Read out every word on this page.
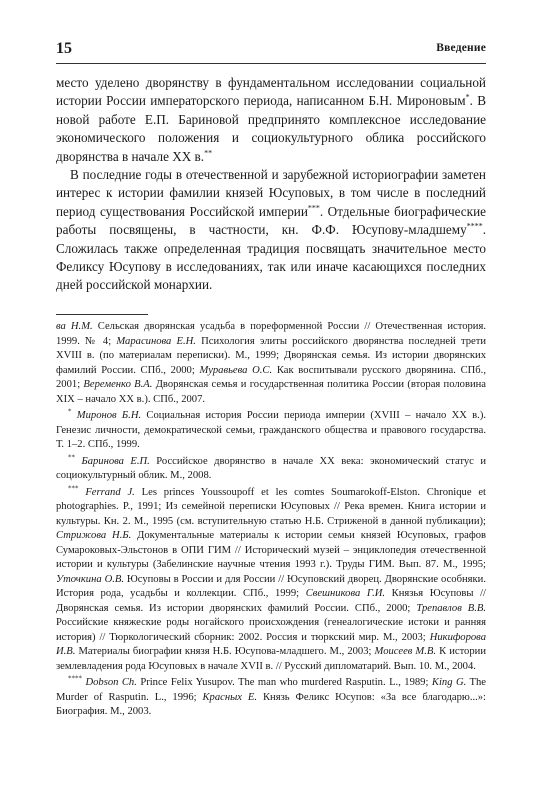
15	Введение

место уделено дворянству в фундаментальном исследовании социальной истории России императорского периода, написанном Б.Н. Мироновым*. В новой работе Е.П. Бариновой предпринято комплексное исследование экономического положения и социокультурного облика российского дворянства в начале XX в.**

В последние годы в отечественной и зарубежной историографии заметен интерес к истории фамилии князей Юсуповых, в том числе в последний период существования Российской империи***. Отдельные биографические работы посвящены, в частности, кн. Ф.Ф. Юсупову-младшему****. Сложилась также определенная традиция посвящать значительное место Феликсу Юсупову в исследованиях, так или иначе касающихся последних дней российской монархии.

ва Н.М. Сельская дворянская усадьба в пореформенной России // Отечественная история. 1999. № 4; Марасинова Е.Н. Психология элиты российского дворянства последней трети XVIII в. (по материалам переписки). М., 1999; Дворянская семья. Из истории дворянских фамилий России. СПб., 2000; Муравьева О.С. Как воспитывали русского дворянина. СПб., 2001; Веременко В.А. Дворянская семья и государственная политика России (вторая половина XIX – начало XX в.). СПб., 2007.

* Миронов Б.Н. Социальная история России периода империи (XVIII – начало XX в.). Генезис личности, демократической семьи, гражданского общества и правового государства. Т. 1–2. СПб., 1999.

** Баринова Е.П. Российское дворянство в начале XX века: экономический статус и социокультурный облик. М., 2008.

*** Ferrand J. Les princes Youssoupoff et les comtes Soumarokoff-Elston. Chronique et photographies. P., 1991; Из семейной переписки Юсуповых // Река времен. Книга истории и культуры. Кн. 2. М., 1995 (см. вступительную статью Н.Б. Стриженой в данной публикации); Стрижова Н.Б. Документальные материалы к истории семьи князей Юсуповых, графов Сумароковых-Эльстонов в ОПИ ГИМ // Исторический музей – энциклопедия отечественной истории и культуры (Забелинские научные чтения 1993 г.). Труды ГИМ. Вып. 87. М., 1995; Уточкина О.В. Юсуповы в России и для России // Юсуповский дворец. Дворянские особняки. История рода, усадьбы и коллекции. СПб., 1999; Свешникова Г.И. Князья Юсуповы // Дворянская семья. Из истории дворянских фамилий России. СПб., 2000; Трепавлов В.В. Российские княжеские роды ногайского происхождения (генеалогические истоки и ранняя история) // Тюркологический сборник: 2002. Россия и тюркский мир. М., 2003; Никифорова И.В. Материалы биографии князя Н.Б. Юсупова-младшего. М., 2003; Моисеев М.В. К истории землевладения рода Юсуповых в начале XVII в. // Русский дипломатарий. Вып. 10. М., 2004.

**** Dobson Ch. Prince Felix Yusupov. The man who murdered Rasputin. L., 1989; King G. The Murder of Rasputin. L., 1996; Красных Е. Князь Феликс Юсупов: «За все благодарю...»: Биография. М., 2003.
